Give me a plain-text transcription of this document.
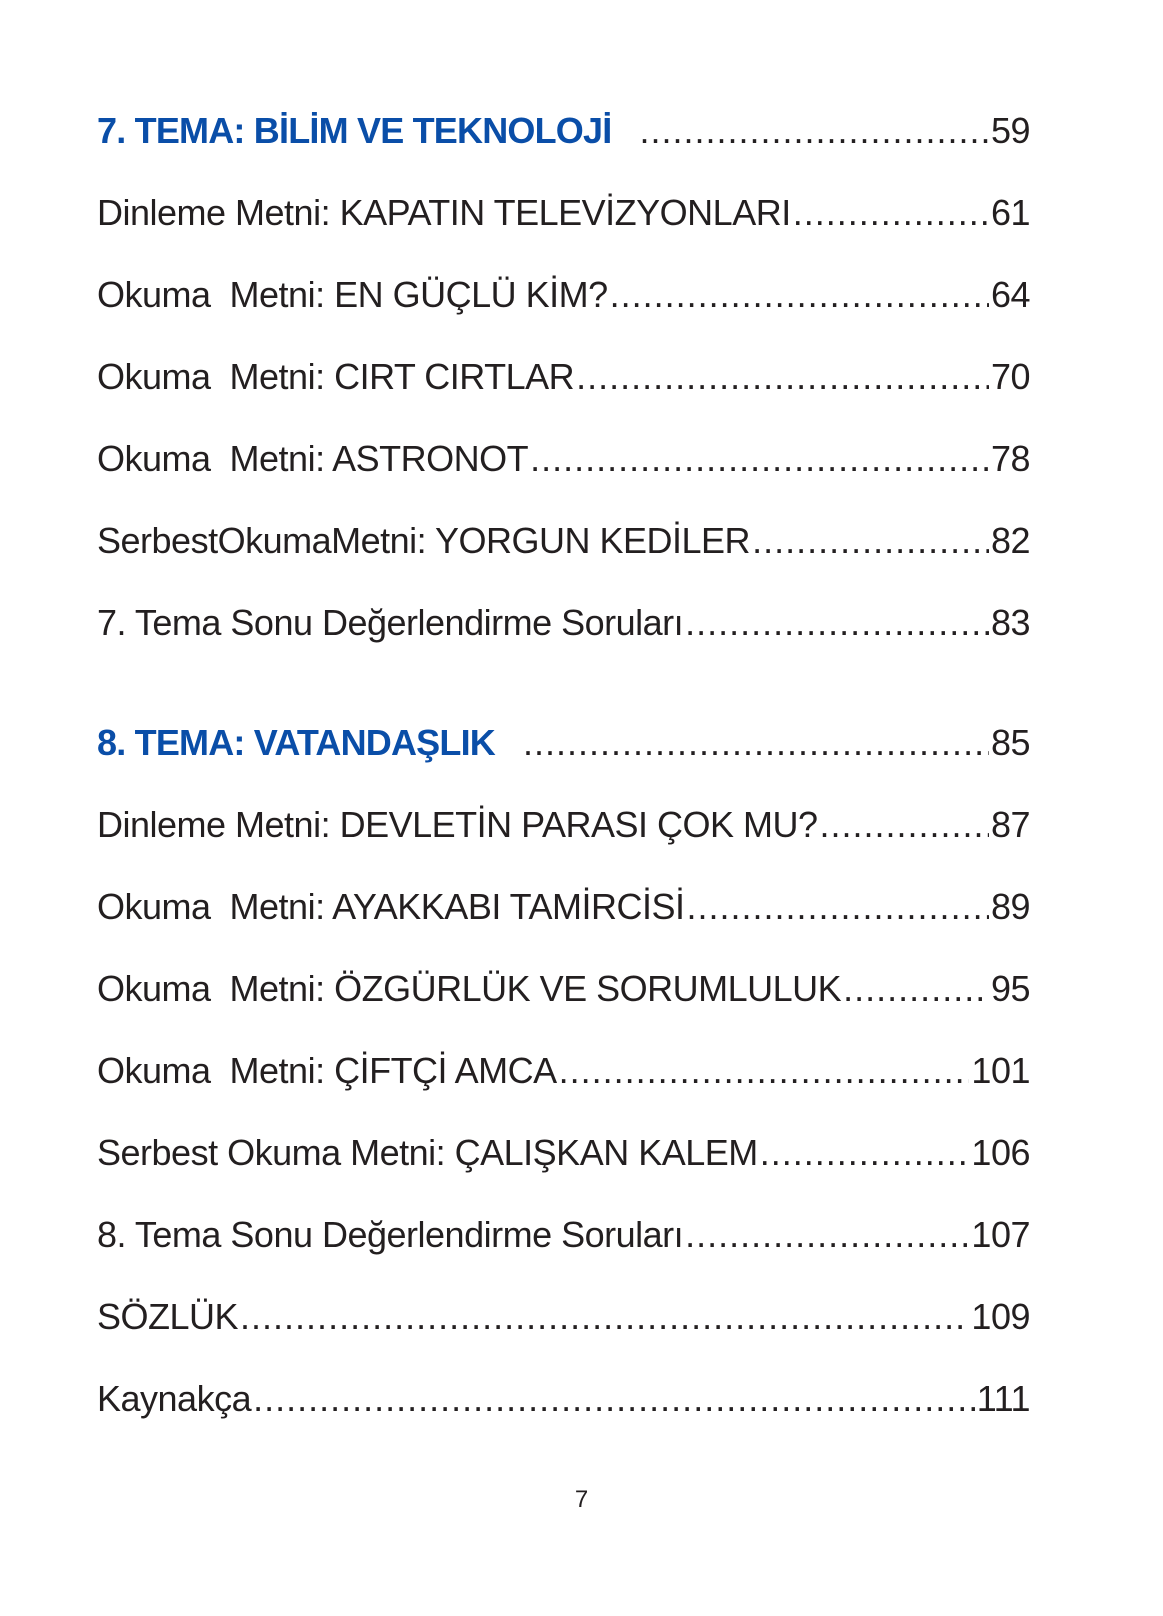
7. TEMA: BİLİM VE TEKNOLOJİ .....	59
Dinleme Metni: KAPATIN TELEVİZYONLARI .....	61
Okuma  Metni: EN GÜÇLÜ KİM? .....	64
Okuma  Metni: CIRT CIRTLAR .....	70
Okuma  Metni: ASTRONOT .....	78
SerbestOkumaMetni: YORGUN KEDİLER .....	82
7. Tema Sonu Değerlendirme Soruları .....	83
8. TEMA: VATANDAŞLIK .....	85
Dinleme Metni: DEVLETİN PARASI ÇOK MU? .....	87
Okuma  Metni: AYAKKABI TAMİRCİSİ .....	89
Okuma  Metni: ÖZGÜRLÜK VE SORUMLULUK .....	95
Okuma  Metni: ÇİFTÇİ AMCA .....	101
Serbest Okuma Metni: ÇALIŞKAN KALEM .....	106
8. Tema Sonu Değerlendirme Soruları .....	107
SÖZLÜK .....	109
Kaynakça .....	111
7
